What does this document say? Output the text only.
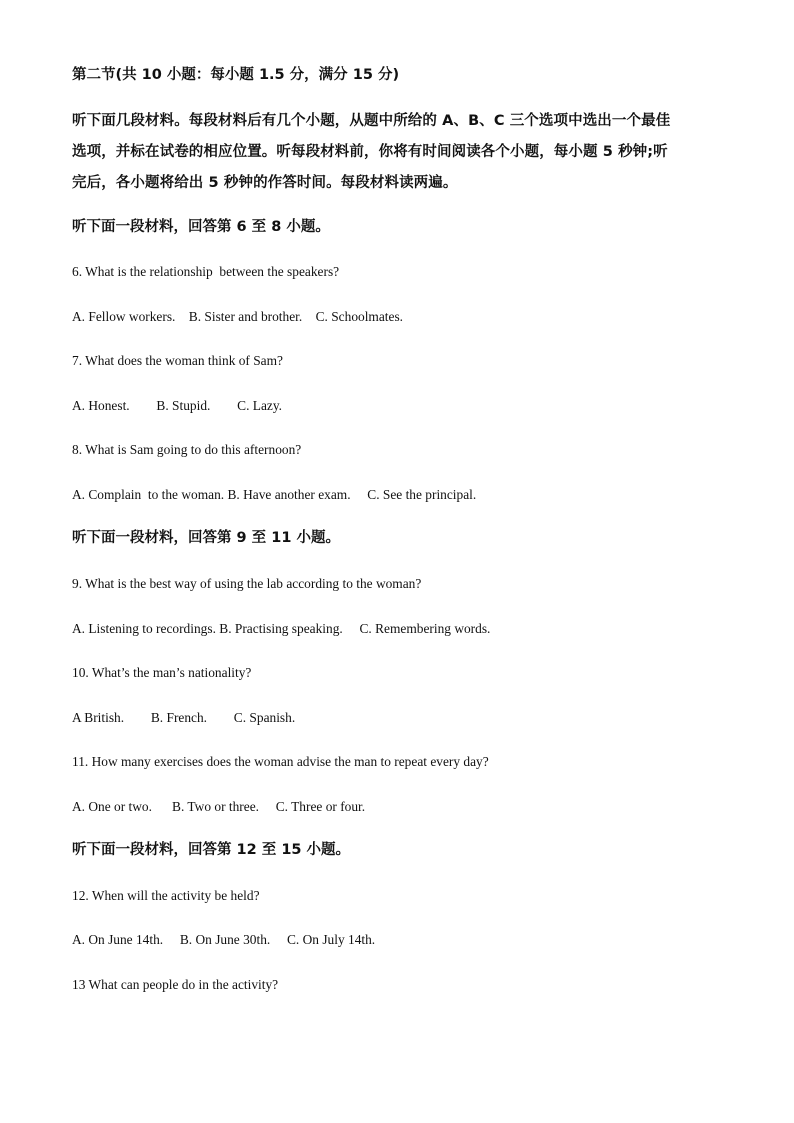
第二节(共 10 小题：每小题 1.5 分，满分 15 分)
听下面几段材料。每段材料后有几个小题，从题中所给的 A、B、C 三个选项中选出一个最佳
选项，并标在试卷的相应位置。听每段材料前，你将有时间阅读各个小题，每小题 5 秒钟;听
完后，各小题将给出 5 秒钟的作答时间。每段材料读两遍。
听下面一段材料，回答第 6 至 8 小题。
6. What is the relationship  between the speakers?
A. Fellow workers.    B. Sister and brother.    C. Schoolmates.
7. What does the woman think of Sam?
A. Honest.        B. Stupid.        C. Lazy.
8. What is Sam going to do this afternoon?
A. Complain  to the woman. B. Have another exam.     C. See the principal.
听下面一段材料，回答第 9 至 11 小题。
9. What is the best way of using the lab according to the woman?
A. Listening to recordings. B. Practising speaking.     C. Remembering words.
10. What’s the man’s nationality?
A British.        B. French.        C. Spanish.
11. How many exercises does the woman advise the man to repeat every day?
A. One or two.      B. Two or three.     C. Three or four.
听下面一段材料，回答第 12 至 15 小题。
12. When will the activity be held?
A. On June 14th.     B. On June 30th.     C. On July 14th.
13 What can people do in the activity?
